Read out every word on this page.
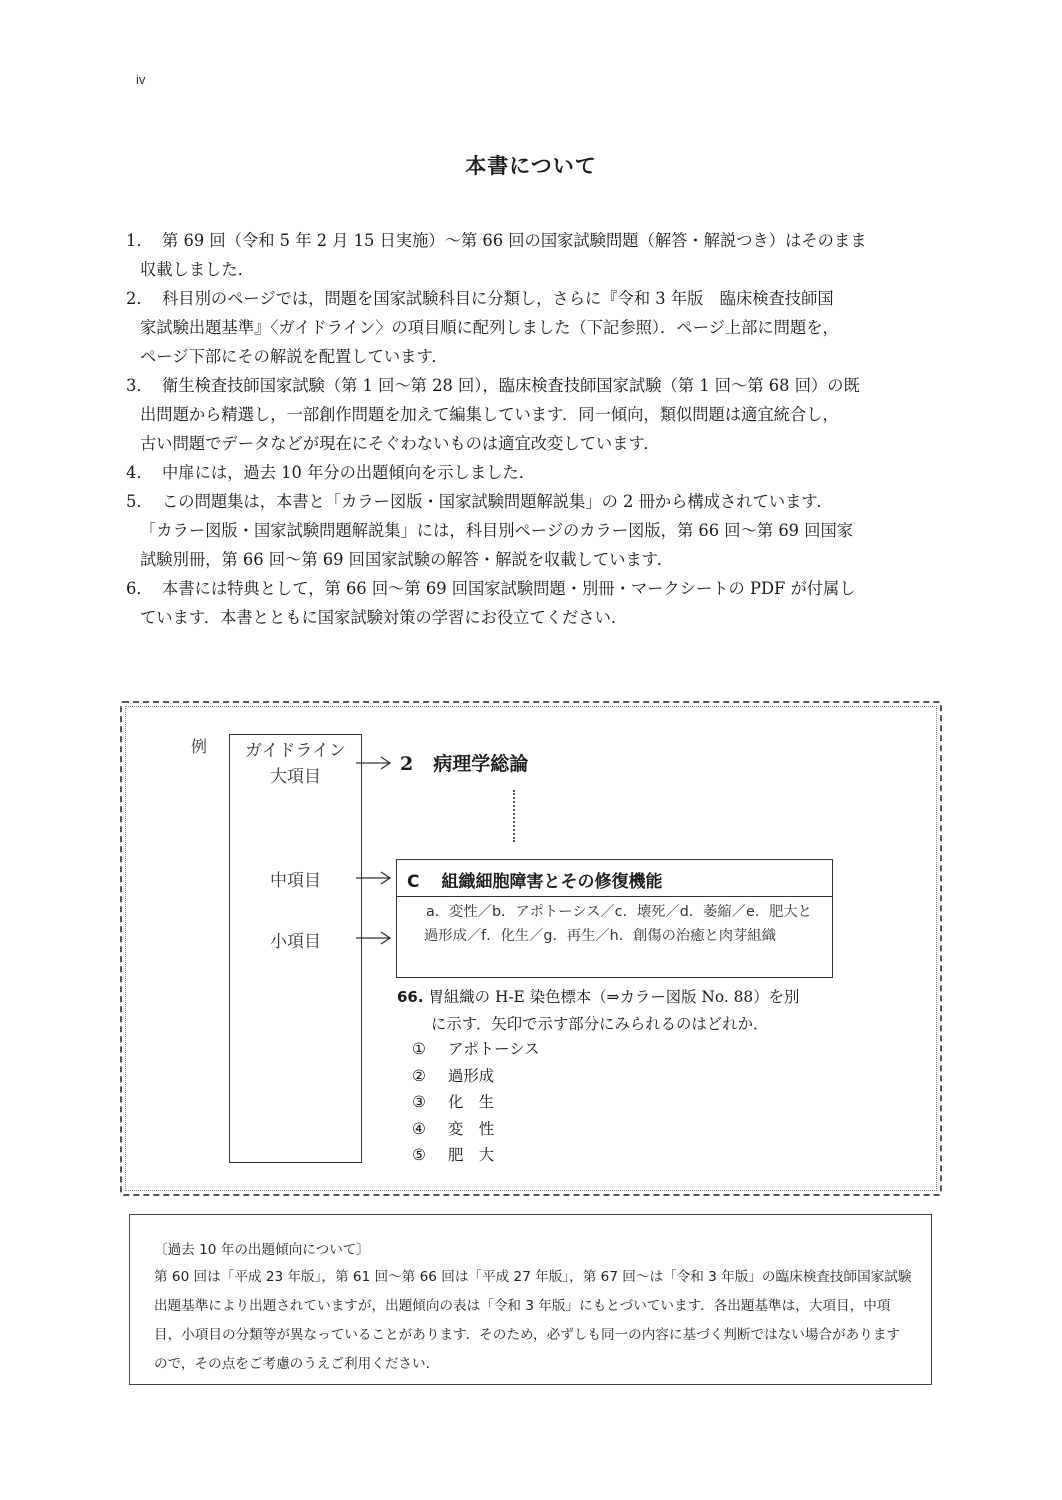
iv
本書について
1． 第 69 回（令和 5 年 2 月 15 日実施）〜第 66 回の国家試験問題（解答・解説つき）はそのまま
収載しました．
2． 科目別のページでは，問題を国家試験科目に分類し，さらに『令和 3 年版　臨床検査技師国
家試験出題基準』〈ガイドライン〉の項目順に配列しました（下記参照）．ページ上部に問題を，
ページ下部にその解説を配置しています．
3． 衛生検査技師国家試験（第 1 回〜第 28 回），臨床検査技師国家試験（第 1 回〜第 68 回）の既
出問題から精選し，一部創作問題を加えて編集しています．同一傾向，類似問題は適宜統合し，
古い問題でデータなどが現在にそぐわないものは適宜改変しています．
4． 中扉には，過去 10 年分の出題傾向を示しました．
5． この問題集は，本書と「カラー図版・国家試験問題解説集」の 2 冊から構成されています．
「カラー図版・国家試験問題解説集」には，科目別ページのカラー図版，第 66 回〜第 69 回国家
試験別冊，第 66 回〜第 69 回国家試験の解答・解説を収載しています．
6． 本書には特典として，第 66 回〜第 69 回国家試験問題・別冊・マークシートの PDF が付属し
ています．本書とともに国家試験対策の学習にお役立てください．
例	ガイドライン
大項目
中項目
小項目
2 病理学総論
C 組織細胞障害とその修復機能
a．変性／b．アポトーシス／c．壊死／d．萎縮／e．肥大と過形成／f．化生／g．再生／h．創傷の治癒と肉芽組織
66. 胃組織の H-E 染色標本（⇒カラー図版 No. 88）を別
に示す．矢印で示す部分にみられるのはどれか．
① アポトーシス
② 過形成
③ 化　生
④ 変　性
⑤ 肥　大
〔過去 10 年の出題傾向について〕
第 60 回は「平成 23 年版」，第 61 回〜第 66 回は「平成 27 年版」，第 67 回〜は「令和 3 年版」の臨床検査技師国家試験出題基準により出題されていますが，出題傾向の表は「令和 3 年版」にもとづいています．各出題基準は，大項目，中項目，小項目の分類等が異なっていることがあります．そのため，必ずしも同一の内容に基づく判断ではない場合がありますので，その点をご考慮のうえご利用ください．
